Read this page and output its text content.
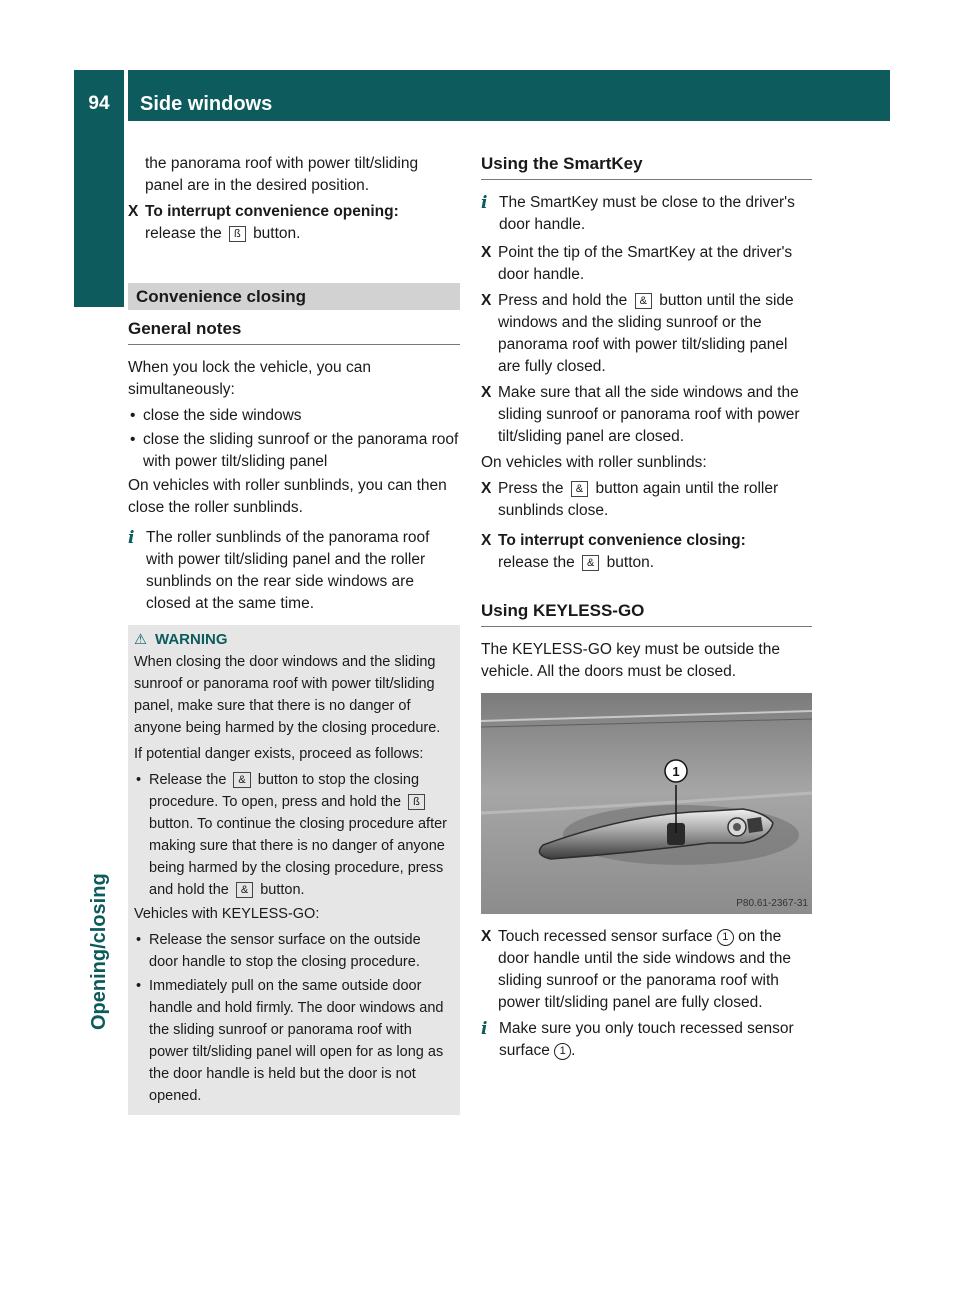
94	Side windows
Opening/closing

the panorama roof with power tilt/sliding panel are in the desired position.

X To interrupt convenience opening:
release the ß button.
Convenience closing
General notes

When you lock the vehicle, you can simultaneously:

• close the side windows
• close the sliding sunroof or the panorama roof with power tilt/sliding panel

On vehicles with roller sunblinds, you can then close the roller sunblinds.

i The roller sunblinds of the panorama roof with power tilt/sliding panel and the roller sunblinds on the rear side windows are closed at the same time.
⚠ WARNING

When closing the door windows and the sliding sunroof or panorama roof with power tilt/sliding panel, make sure that there is no danger of anyone being harmed by the closing procedure.

If potential danger exists, proceed as follows:

• Release the & button to stop the closing procedure. To open, press and hold the ß button. To continue the closing procedure after making sure that there is no danger of anyone being harmed by the closing procedure, press and hold the & button.

Vehicles with KEYLESS-GO:

• Release the sensor surface on the outside door handle to stop the closing procedure.
• Immediately pull on the same outside door handle and hold firmly. The door windows and the sliding sunroof or panorama roof with power tilt/sliding panel will open for as long as the door handle is held but the door is not opened.
Using the SmartKey
i The SmartKey must be close to the driver's door handle.
X Point the tip of the SmartKey at the driver's door handle.
X Press and hold the & button until the side windows and the sliding sunroof or the panorama roof with power tilt/sliding panel are fully closed.
X Make sure that all the side windows and the sliding sunroof or panorama roof with power tilt/sliding panel are closed.

On vehicles with roller sunblinds:

X Press the & button again until the roller sunblinds close.
X To interrupt convenience closing:
release the & button.
Using KEYLESS-GO

The KEYLESS-GO key must be outside the vehicle. All the doors must be closed.

1
P80.61-2367-31
X Touch recessed sensor surface 1 on the door handle until the side windows and the sliding sunroof or the panorama roof with power tilt/sliding panel are fully closed.
i Make sure you only touch recessed sensor surface 1 .
